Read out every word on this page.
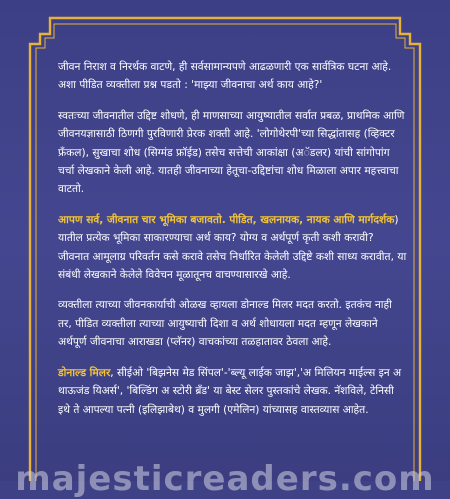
जीवन निराश व निरर्थक वाटणे, ही सर्वसामान्यपणे आढळणारी एक सार्वत्रिक घटना आहे. अशा पीडित व्यक्तीला प्रश्न पडतो : 'माझ्या जीवनाचा अर्थ काय आहे?'

स्वतःच्या जीवनातील उद्दिष्ट शोधणे, ही माणसाच्या आयुष्यातील सर्वात प्रबळ, प्राथमिक आणि जीवनयज्ञासाठी ठिणगी पुरविणारी प्रेरक शक्ती आहे. 'लोगोथेरपी'च्या सिद्धांतासह (व्हिक्टर फ्रँकल), सुखाचा शोध (सिग्मंड फ्रॉईड) तसेच सत्तेची आकांक्षा (अॅडलर) यांची सांगोपांग चर्चा लेखकाने केली आहे. यातही जीवनाच्या हेतूचा-उद्दिष्टांचा शोध मिळाला अपार महत्त्वाचा वाटतो.

आपण सर्व, जीवनात चार भूमिका बजावतो. पीडित, खलनायक, नायक आणि मार्गदर्शक) यातील प्रत्येक भूमिका साकारण्याचा अर्थ काय? योग्य व अर्थपूर्ण कृती कशी करावी? जीवनात आमूलाग्र परिवर्तन कसे करावे तसेच निर्धारित केलेली उद्दिष्टे कशी साध्य करावीत, या संबंधी लेखकाने केलेले विवेचन मूळातूनच वाचण्यासारखे आहे.

व्यक्तीला त्याच्या जीवनकार्याची ओळख व्हायला डोनाल्ड मिलर मदत करतो. इतकंच नाही तर, पीडित व्यक्तीला त्याच्या आयुष्याची दिशा व अर्थ शोधायला मदत म्हणून लेखकाने अर्थपूर्ण जीवनाचा आराखडा (प्लॅनर) वाचकांच्या तळहातावर ठेवला आहे.

डोनाल्ड मिलर, सीईओ 'बिझनेस मेड सिंपल'-'ब्ल्यू लाईक जाझ','अ मिलियन माईल्स इन अ थाऊजंड यिअर्स', 'बिल्डिंग अ स्टोरी ब्रँड' या बेस्ट सेलर पुस्तकांचे लेखक. नॅशविले, टेनिसी इथे ते आपल्या पत्नी (इलिझाबेथ) व मुलगी (एमेलिन) यांच्यासह वास्तव्यास आहेत.

majesticreaders.com
